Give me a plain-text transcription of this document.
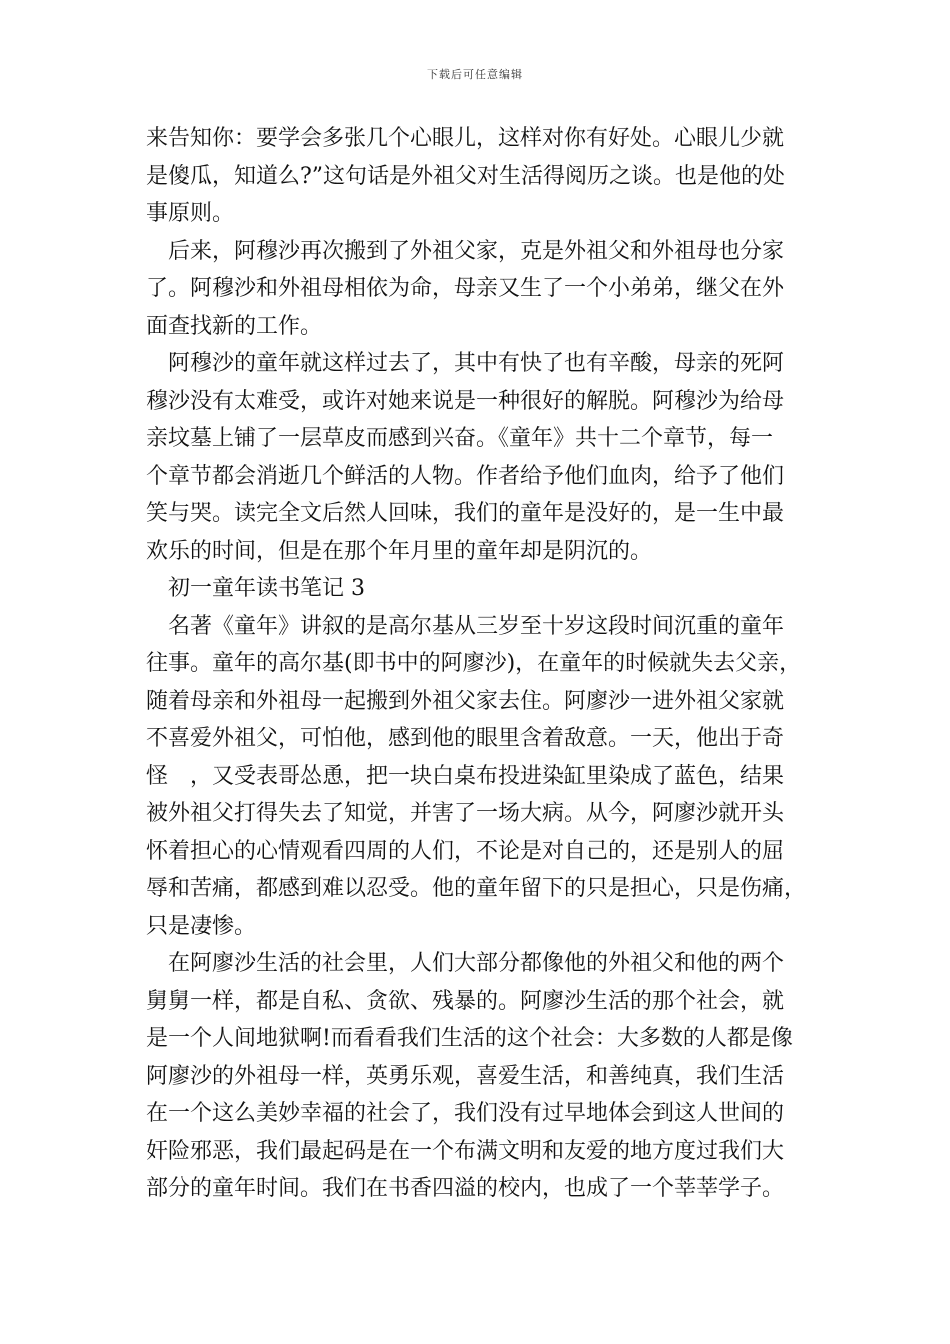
下载后可任意编辑
来告知你：要学会多张几个心眼儿，这样对你有好处。心眼儿少就
是傻瓜，知道么?”这句话是外祖父对生活得阅历之谈。也是他的处
事原则。
后来，阿穆沙再次搬到了外祖父家，克是外祖父和外祖母也分家
了。阿穆沙和外祖母相依为命，母亲又生了一个小弟弟，继父在外
面查找新的工作。
阿穆沙的童年就这样过去了，其中有快了也有辛酸，母亲的死阿
穆沙没有太难受，或许对她来说是一种很好的解脱。阿穆沙为给母
亲坟墓上铺了一层草皮而感到兴奋。《童年》共十二个章节，每一
个章节都会消逝几个鲜活的人物。作者给予他们血肉，给予了他们
笑与哭。读完全文后然人回味，我们的童年是没好的，是一生中最
欢乐的时间，但是在那个年月里的童年却是阴沉的。
初一童年读书笔记 3
名著《童年》讲叙的是高尔基从三岁至十岁这段时间沉重的童年
往事。童年的高尔基(即书中的阿廖沙)，在童年的时候就失去父亲，
随着母亲和外祖母一起搬到外祖父家去住。阿廖沙一进外祖父家就
不喜爱外祖父，可怕他，感到他的眼里含着敌意。一天，他出于奇
怪　，又受表哥怂恿，把一块白桌布投进染缸里染成了蓝色，结果
被外祖父打得失去了知觉，并害了一场大病。从今，阿廖沙就开头
怀着担心的心情观看四周的人们，不论是对自己的，还是别人的屈
辱和苦痛，都感到难以忍受。他的童年留下的只是担心，只是伤痛，
只是凄惨。
在阿廖沙生活的社会里，人们大部分都像他的外祖父和他的两个
舅舅一样，都是自私、贪欲、残暴的。阿廖沙生活的那个社会，就
是一个人间地狱啊!而看看我们生活的这个社会：大多数的人都是像
阿廖沙的外祖母一样，英勇乐观，喜爱生活，和善纯真，我们生活
在一个这么美妙幸福的社会了，我们没有过早地体会到这人世间的
奸险邪恶，我们最起码是在一个布满文明和友爱的地方度过我们大
部分的童年时间。我们在书香四溢的校内，也成了一个莘莘学子。
